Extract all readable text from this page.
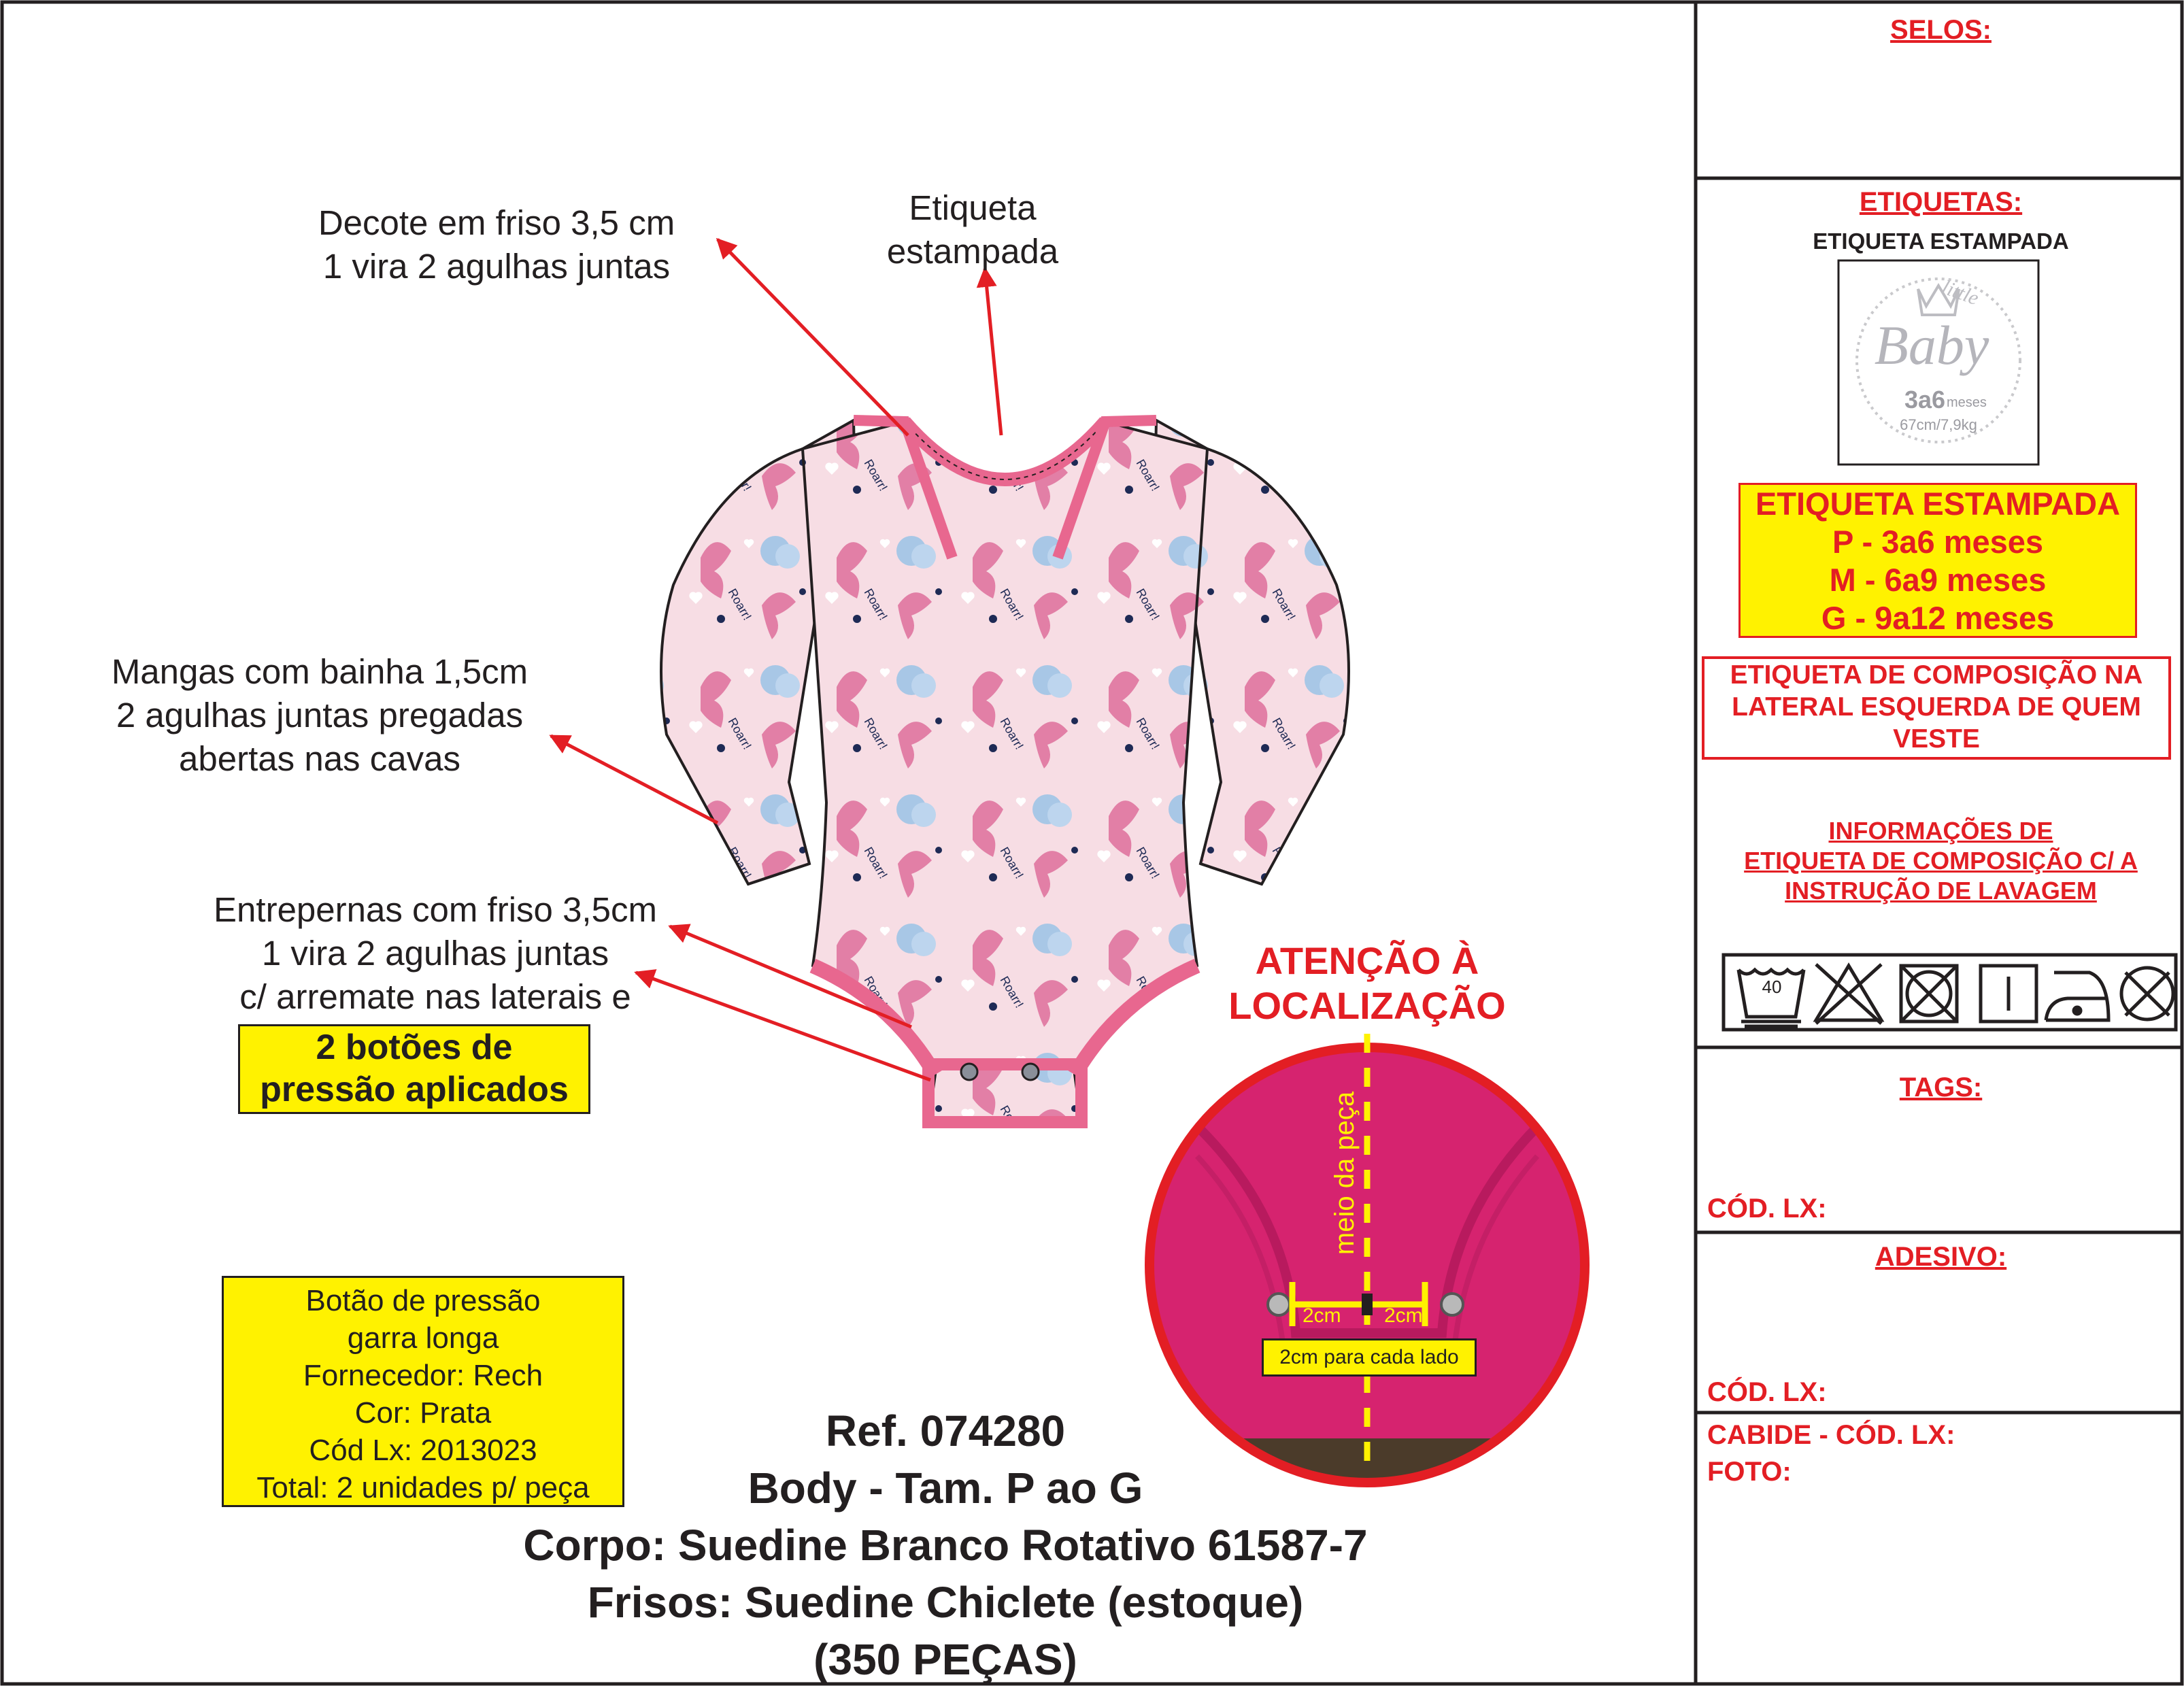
little
Baby
3a6 meses
67cm/7,9kg
Decote em friso 3,5 cm
1 vira 2 agulhas juntas
Etiqueta
estampada
Mangas com bainha 1,5cm
2 agulhas juntas pregadas
abertas nas cavas
Entrepernas com friso 3,5cm
1 vira 2 agulhas juntas
c/ arremate nas laterais e
2 botões de
pressão aplicados
Botão de pressão
garra longa
Fornecedor: Rech
Cor: Prata
Cód Lx: 2013023
Total: 2 unidades p/ peça
Ref. 074280
Body - Tam. P ao G
Corpo: Suedine Branco Rotativo 61587-7
Frisos: Suedine Chiclete (estoque)
(350 PEÇAS)
ATENÇÃO À
LOCALIZAÇÃO
meio da peça
2cm 2cm
2cm para cada lado
SELOS:
ETIQUETAS:
ETIQUETA ESTAMPADA
ETIQUETA ESTAMPADA
P - 3a6 meses
M - 6a9 meses
G - 9a12 meses
ETIQUETA DE COMPOSIÇÃO NA
LATERAL ESQUERDA DE QUEM
VESTE
INFORMAÇÕES DE
ETIQUETA DE COMPOSIÇÃO C/ A
INSTRUÇÃO DE LAVAGEM
40
TAGS:
CÓD. LX:
ADESIVO:
CÓD. LX:
CABIDE - CÓD. LX:
FOTO:
